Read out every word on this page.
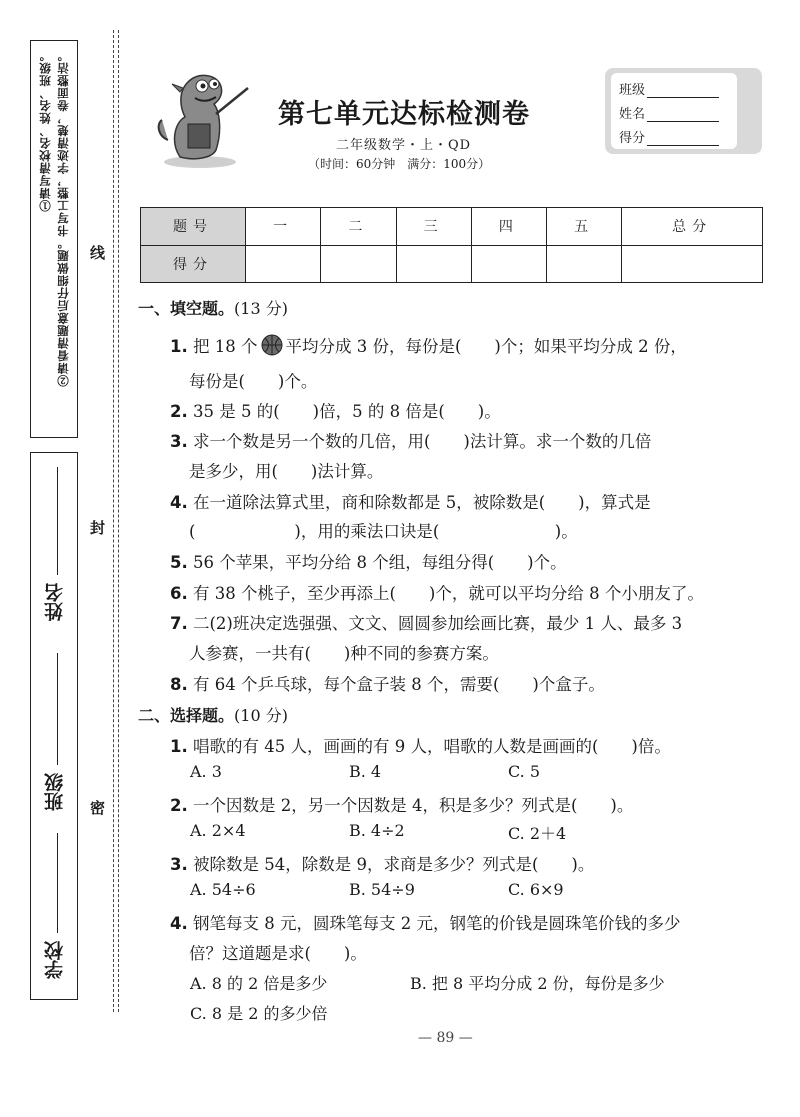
①请写清校名、姓名、班级。 ②请看清题意后仔细做题。书写工整，字迹清楚，卷面整洁。 线
封
密
学校
班级
姓名
第七单元达标检测卷
二年级数学・上・QD
（时间：60分钟　满分：100分）
班级
姓名
得分
题号	一	二	三	四	五	总分
得分						
一、填空题。(13 分)
1. 把 18 个 平均分成 3 份，每份是(　　)个；如果平均分成 2 份，
每份是(　　)个。
2. 35 是 5 的(　　)倍，5 的 8 倍是(　　)。
3. 求一个数是另一个数的几倍，用(　　)法计算。求一个数的几倍
是多少，用(　　)法计算。
4. 在一道除法算式里，商和除数都是 5，被除数是(　　)，算式是
(　　　　　　)，用的乘法口诀是(　　　　　　　)。
5. 56 个苹果，平均分给 8 个组，每组分得(　　)个。
6. 有 38 个桃子，至少再添上(　　)个，就可以平均分给 8 个小朋友了。
7. 二(2)班决定选强强、文文、圆圆参加绘画比赛，最少 1 人、最多 3
人参赛，一共有(　　)种不同的参赛方案。
8. 有 64 个乒乓球，每个盒子装 8 个，需要(　　)个盒子。
二、选择题。(10 分)
1. 唱歌的有 45 人，画画的有 9 人，唱歌的人数是画画的(　　)倍。
A. 3	B. 4	C. 5
2. 一个因数是 2，另一个因数是 4，积是多少？列式是(　　)。
A. 2×4	B. 4÷2	C. 2＋4
3. 被除数是 54，除数是 9，求商是多少？列式是(　　)。
A. 54÷6	B. 54÷9	C. 6×9
4. 钢笔每支 8 元，圆珠笔每支 2 元，钢笔的价钱是圆珠笔价钱的多少
倍？这道题是求(　　)。
A. 8 的 2 倍是多少	B. 把 8 平均分成 2 份，每份是多少
C. 8 是 2 的多少倍
— 89 —
